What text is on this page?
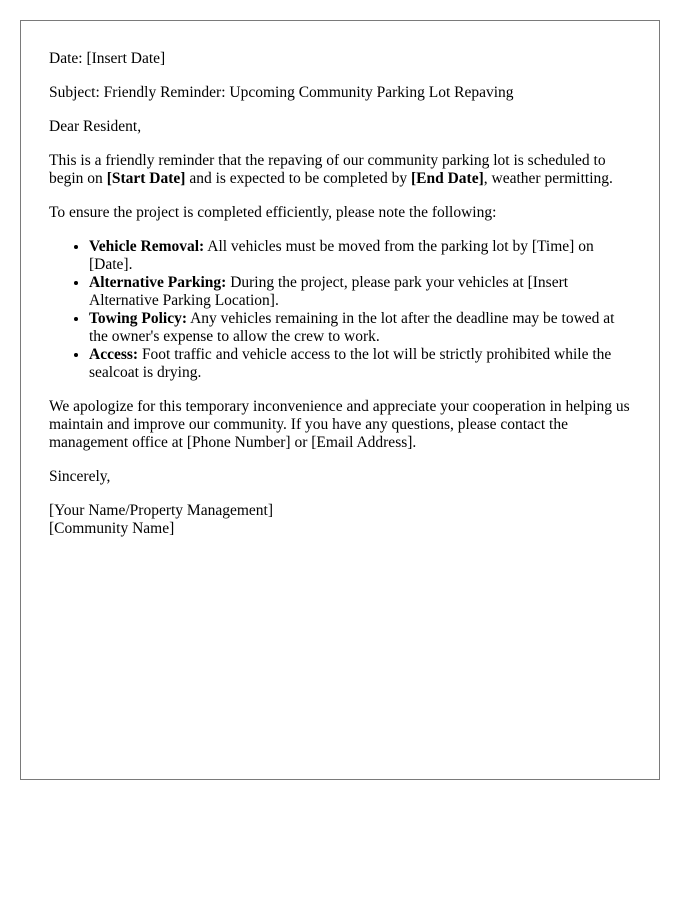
Date: [Insert Date]

Subject: Friendly Reminder: Upcoming Community Parking Lot Repaving

Dear Resident,

This is a friendly reminder that the repaving of our community parking lot is scheduled to begin on [Start Date] and is expected to be completed by [End Date], weather permitting.

To ensure the project is completed efficiently, please note the following:

• Vehicle Removal: All vehicles must be moved from the parking lot by [Time] on [Date].
• Alternative Parking: During the project, please park your vehicles at [Insert Alternative Parking Location].
• Towing Policy: Any vehicles remaining in the lot after the deadline may be towed at the owner's expense to allow the crew to work.
• Access: Foot traffic and vehicle access to the lot will be strictly prohibited while the sealcoat is drying.

We apologize for this temporary inconvenience and appreciate your cooperation in helping us maintain and improve our community. If you have any questions, please contact the management office at [Phone Number] or [Email Address].

Sincerely,

[Your Name/Property Management]

[Community Name]
